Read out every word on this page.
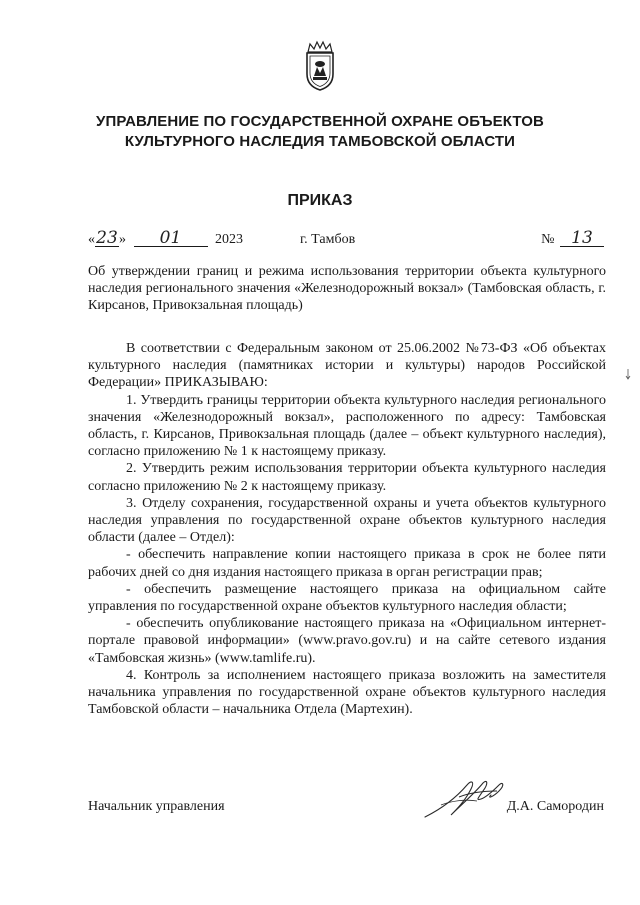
УПРАВЛЕНИЕ ПО ГОСУДАРСТВЕННОЙ ОХРАНЕ ОБЪЕКТОВ
КУЛЬТУРНОГО НАСЛЕДИЯ ТАМБОВСКОЙ ОБЛАСТИ
ПРИКАЗ
«23» 01 2023	г. Тамбов	№ 13
Об утверждении границ и режима использования территории объекта культурного наследия регионального значения «Железнодорожный вокзал» (Тамбовская область, г. Кирсанов, Привокзальная площадь)

В соответствии с Федеральным законом от 25.06.2002 №73-ФЗ «Об объектах культурного наследия (памятниках истории и культуры) народов Российской Федерации» ПРИКАЗЫВАЮ:

1. Утвердить границы территории объекта культурного наследия регионального значения «Железнодорожный вокзал», расположенного по адресу: Тамбовская область, г. Кирсанов, Привокзальная площадь (далее – объект культурного наследия), согласно приложению № 1 к настоящему приказу.

2. Утвердить режим использования территории объекта культурного наследия согласно приложению № 2 к настоящему приказу.

3. Отделу сохранения, государственной охраны и учета объектов культурного наследия управления по государственной охране объектов культурного наследия области (далее – Отдел):

- обеспечить направление копии настоящего приказа в срок не более пяти рабочих дней со дня издания настоящего приказа в орган регистрации прав;

- обеспечить размещение настоящего приказа на официальном сайте управления по государственной охране объектов культурного наследия области;

- обеспечить опубликование настоящего приказа на «Официальном интернет-портале правовой информации» (www.pravo.gov.ru) и на сайте сетевого издания «Тамбовская жизнь» (www.tamlife.ru).

4. Контроль за исполнением настоящего приказа возложить на заместителя начальника управления по государственной охране объектов культурного наследия Тамбовской области – начальника Отдела (Мартехин).

Начальник управления	Д.А. Самородин
